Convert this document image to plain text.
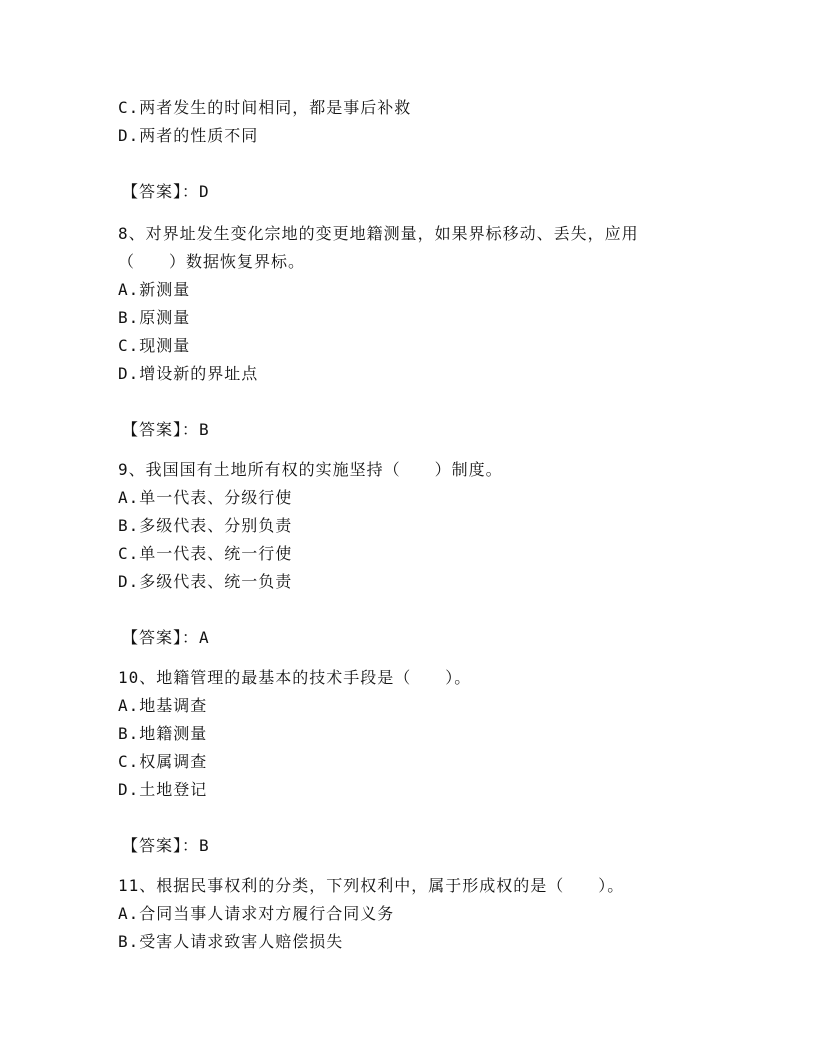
C.两者发生的时间相同，都是事后补救
D.两者的性质不同
【答案】：D
8、对界址发生变化宗地的变更地籍测量，如果界标移动、丢失，应用
（　　）数据恢复界标。
A.新测量
B.原测量
C.现测量
D.增设新的界址点
【答案】：B
9、我国国有土地所有权的实施坚持（　　）制度。
A.单一代表、分级行使
B.多级代表、分别负责
C.单一代表、统一行使
D.多级代表、统一负责
【答案】：A
10、地籍管理的最基本的技术手段是（　　）。
A.地基调查
B.地籍测量
C.权属调查
D.土地登记
【答案】：B
11、根据民事权利的分类，下列权利中，属于形成权的是（　　）。
A.合同当事人请求对方履行合同义务
B.受害人请求致害人赔偿损失
